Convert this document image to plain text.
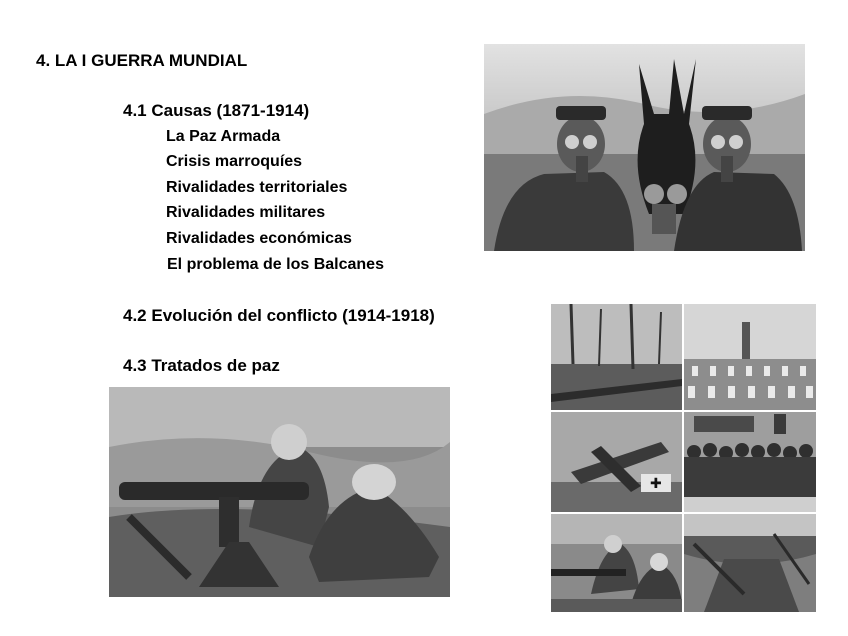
4. LA I GUERRA MUNDIAL
4.1 Causas (1871-1914)
La Paz Armada
Crisis marroquíes
Rivalidades territoriales
Rivalidades militares
Rivalidades económicas
El problema de los Balcanes
4.2 Evolución del conflicto (1914-1918)
4.3 Tratados de paz
✚
